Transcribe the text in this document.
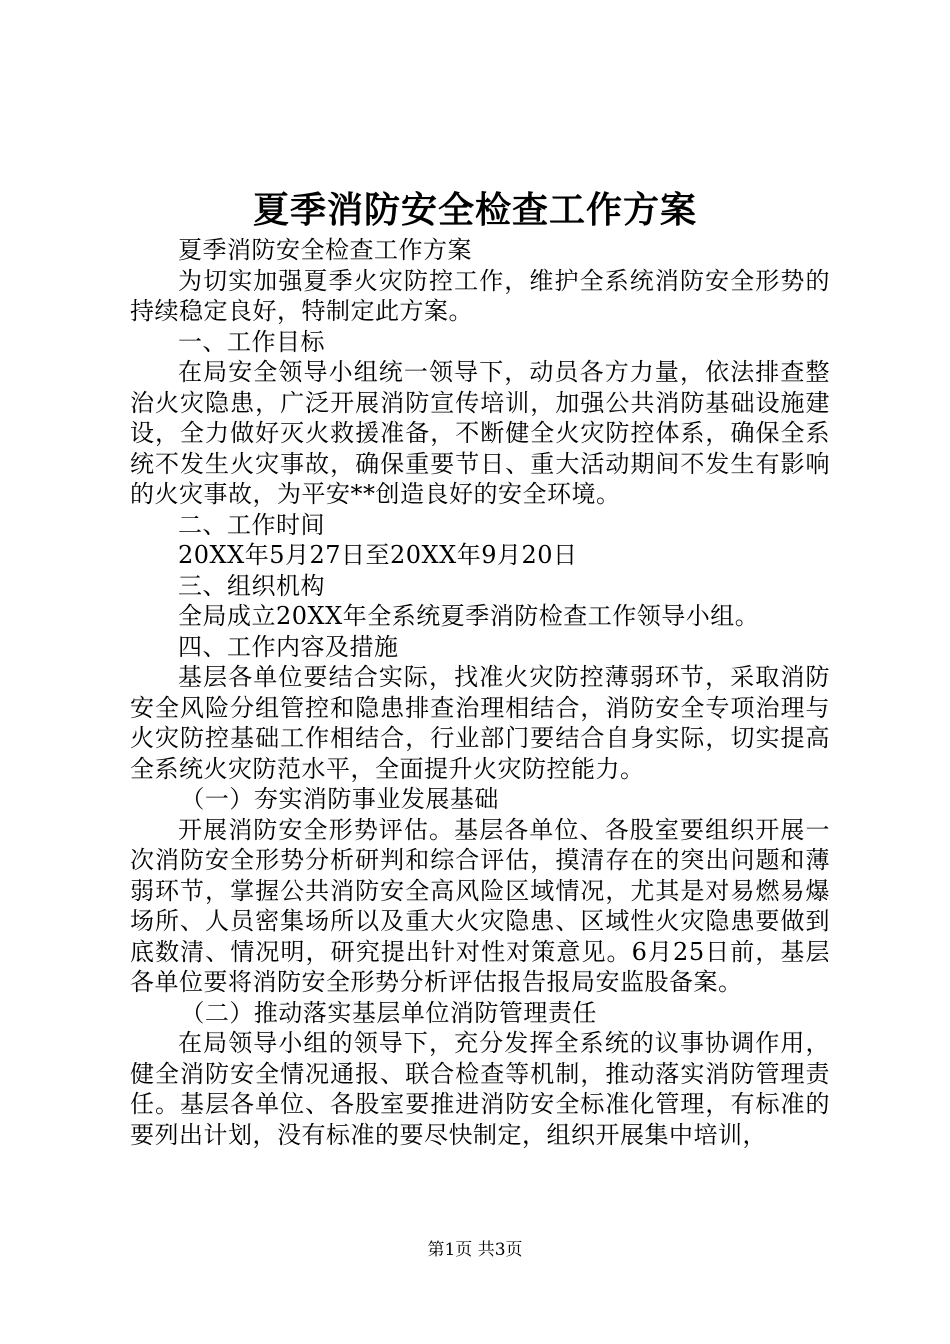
夏季消防安全检查工作方案

夏季消防安全检查工作方案

为切实加强夏季火灾防控工作，维护全系统消防安全形势的持续稳定良好，特制定此方案。

一、工作目标

在局安全领导小组统一领导下，动员各方力量，依法排查整治火灾隐患，广泛开展消防宣传培训，加强公共消防基础设施建设，全力做好灭火救援准备，不断健全火灾防控体系，确保全系统不发生火灾事故，确保重要节日、重大活动期间不发生有影响的火灾事故，为平安**创造良好的安全环境。

二、工作时间

20XX年5月27日至20XX年9月20日

三、组织机构

全局成立20XX年全系统夏季消防检查工作领导小组。

四、工作内容及措施

基层各单位要结合实际，找准火灾防控薄弱环节，采取消防安全风险分组管控和隐患排查治理相结合，消防安全专项治理与火灾防控基础工作相结合，行业部门要结合自身实际，切实提高全系统火灾防范水平，全面提升火灾防控能力。

（一）夯实消防事业发展基础

开展消防安全形势评估。基层各单位、各股室要组织开展一次消防安全形势分析研判和综合评估，摸清存在的突出问题和薄弱环节，掌握公共消防安全高风险区域情况，尤其是对易燃易爆场所、人员密集场所以及重大火灾隐患、区域性火灾隐患要做到底数清、情况明，研究提出针对性对策意见。6月25日前，基层各单位要将消防安全形势分析评估报告报局安监股备案。

（二）推动落实基层单位消防管理责任

在局领导小组的领导下，充分发挥全系统的议事协调作用，健全消防安全情况通报、联合检查等机制，推动落实消防管理责任。基层各单位、各股室要推进消防安全标准化管理，有标准的要列出计划，没有标准的要尽快制定，组织开展集中培训，

第1页 共3页
